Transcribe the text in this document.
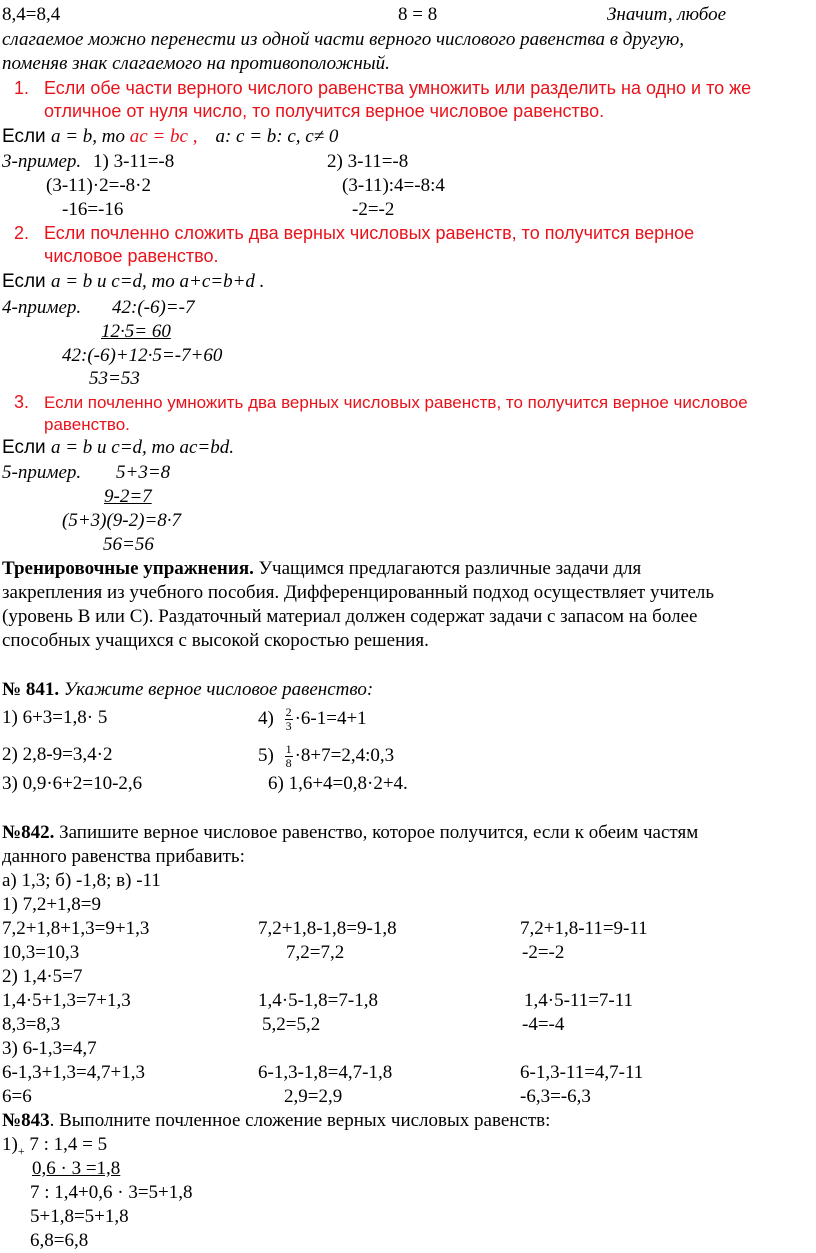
8,4=8,4	8 = 8	Значит, любое
слагаемое можно перенести из одной части верного числового равенства в другую,
поменяв знак слагаемого на противоположный.
1. Если обе части верного числого равенства умножить или разделить на одно и то же
отличное от нуля число, то получится верное числовое равенство.
Если a = b, то ac = bc , a: c = b: c, c≠ 0
3-пример. 1) 3-11=-8	2) 3-11=-8
(3-11)·2=-8·2	(3-11):4=-8:4
-16=-16	-2=-2
2. Если почленно сложить два верных числовых равенств, то получится верное
числовое равенство.
Если a = b и c=d, то a+c=b+d .
4-пример. 42:(-6)=-7
12·5= 60
42:(-6)+12·5=-7+60
53=53
3. Если почленно умножить два верных числовых равенств, то получится верное числовое
равенство.
Если a = b и c=d, то ac=bd.
5-пример. 5+3=8
9-2=7
(5+3)(9-2)=8·7
56=56
Тренировочные упражнения. Учащимся предлагаются различные задачи для
закрепления из учебного пособия. Дифференцированный подход осуществляет учитель
(уровень В или С). Раздаточный материал должен содержат задачи с запасом на более
способных учащихся с высокой скоростью решения.
№ 841. Укажите верное числовое равенство:
1) 6+3=1,8· 5	$4) \frac{2}{3} \cdot 6-1=4+1$
2) 2,8-9=3,4·2	$5) \frac{1}{8}$ ·8+7=2,4:0,3
3) 0,9·6+2=10-2,6	6) 1,6+4=0,8·2+4.
№842. Запишите верное числовое равенство, которое получится, если к обеим частям
данного равенства прибавить:
а) 1,3; б) -1,8; в) -11
1) 7,2+1,8=9
7,2+1,8+1,3=9+1,3	7,2+1,8-1,8=9-1,8	7,2+1,8-11=9-11
10,3=10,3	7,2=7,2	-2=-2
2) 1,4·5=7
1,4·5+1,3=7+1,3	1,4·5-1,8=7-1,8	1,4·5-11=7-11
8,3=8,3	5,2=5,2	-4=-4
3) 6-1,3=4,7
6-1,3+1,3=4,7+1,3	6-1,3-1,8=4,7-1,8	6-1,3-11=4,7-11
6=6	2,9=2,9	-6,3=-6,3
№843. Выполните почленное сложение верных числовых равенств:
$1)_+$ 7 : 1,4 = 5
0,6 · 3 =1,8
7 : 1,4+0,6 · 3=5+1,8
5+1,8=5+1,8
6,8=6,8
